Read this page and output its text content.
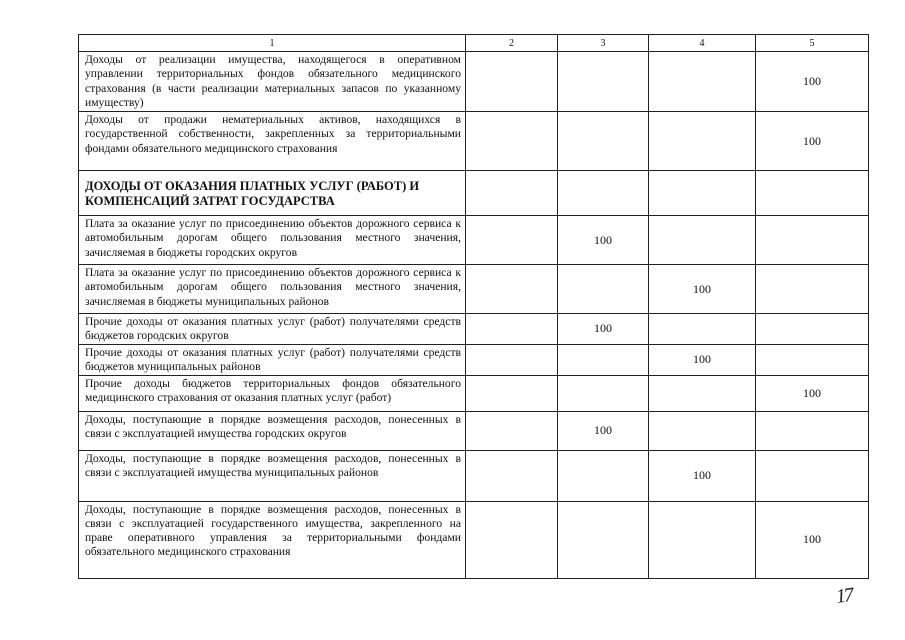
1	2	3	4	5
Доходы от реализации имущества, находящегося в оперативном управлении территориальных фондов обязательного медицинского страхования (в части реализации материальных запасов по указанному имуществу)				100
Доходы от продажи нематериальных активов, находящихся в государственной собственности, закрепленных за территориальными фондами обязательного медицинского страхования				100
ДОХОДЫ ОТ ОКАЗАНИЯ ПЛАТНЫХ УСЛУГ (РАБОТ) И КОМПЕНСАЦИЙ ЗАТРАТ ГОСУДАРСТВА				
Плата за оказание услуг по присоединению объектов дорожного сервиса к автомобильным дорогам общего пользования местного значения, зачисляемая в бюджеты городских округов		100		
Плата за оказание услуг по присоединению объектов дорожного сервиса к автомобильным дорогам общего пользования местного значения, зачисляемая в бюджеты муниципальных районов			100	
Прочие доходы от оказания платных услуг (работ) получателями средств бюджетов городских округов		100		
Прочие доходы от оказания платных услуг (работ) получателями средств бюджетов муниципальных районов			100	
Прочие доходы бюджетов территориальных фондов обязательного медицинского страхования от оказания платных услуг (работ)				100
Доходы, поступающие в порядке возмещения расходов, понесенных в связи с эксплуатацией имущества городских округов		100		
Доходы, поступающие в порядке возмещения расходов, понесенных в связи с эксплуатацией имущества муниципальных районов			100	
Доходы, поступающие в порядке возмещения расходов, понесенных в связи с эксплуатацией государственного имущества, закрепленного на праве оперативного управления за территориальными фондами обязательного медицинского страхования				100
17
